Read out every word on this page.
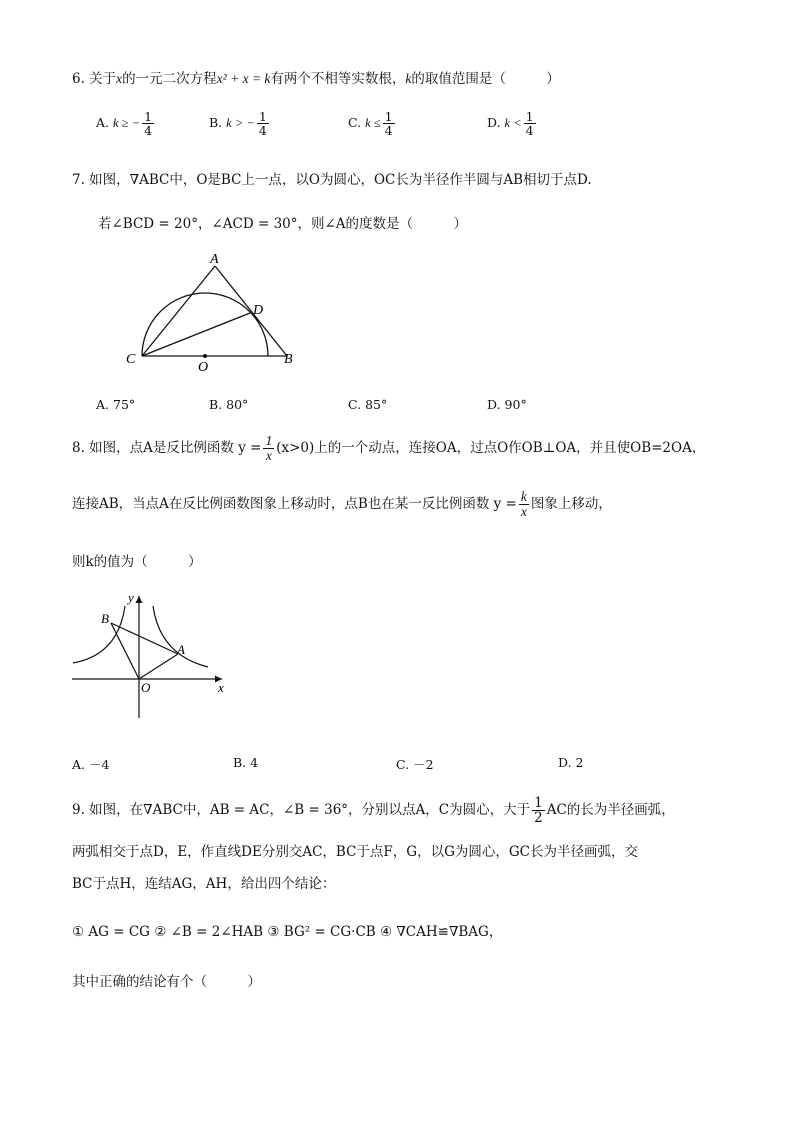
6. 关于x的一元二次方程x² + x = k有两个不相等实数根，k的取值范围是（　　　）
A. k ≥ − $\frac{1}{4}$	B. k > − $\frac{1}{4}$	C. $k \le \frac{1}{4}$	D. $k < \frac{1}{4}$
7. 如图，∇ABC中，O是BC上一点，以O为圆心，OC长为半径作半圆与AB相切于点D.
若∠BCD = 20°，∠ACD = 30°，则∠A的度数是（　　　）
A
D
C	B
O
A. 75°	B. 80°	C. 85°	D. 90°
8. 如图，点A是反比例函数 $y = \frac{1}{x} (x>0)$上的一个动点，连接OA，过点O作OB⊥OA，并且使OB=2OA，
连接AB，当点A在反比例函数图象上移动时，点B也在某一反比例函数 $y = \frac{k}{x}$ 图象上移动，
则k的值为（　　　）
y
B
A
O	x
A. －4	B. 4	C. －2	D. 2
9. 如图，在∇ABC中，AB = AC，∠B = 36°，分别以点A，C为圆心，大于 $\frac{1}{2}$ AC的长为半径画弧，
两弧相交于点D，E，作直线DE分别交AC，BC于点F，G，以G为圆心，GC长为半径画弧，交
BC于点H，连结AG，AH，给出四个结论：
① AG = CG ② ∠B = 2∠HAB ③ BG² = CG·CB ④ ∇CAH≌∇BAG，
其中正确的结论有个（　　　）
